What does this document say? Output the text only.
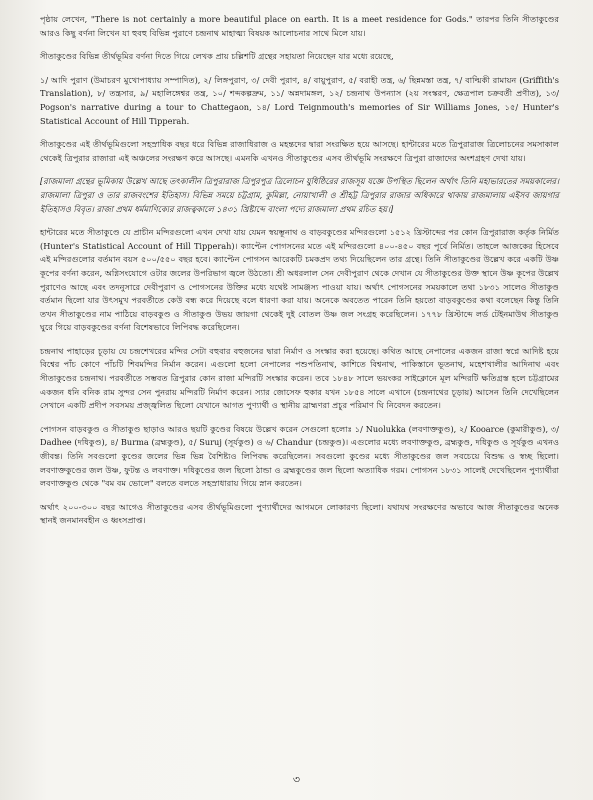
পৃষ্ঠায় লেখেন, "There is not certainly a more beautiful place on earth. It is a meet residence for Gods." তারপর তিনি সীতাকুণ্ডের আরও কিছু বর্ণনা লিখেন যা হুবহু বিভিন্ন পুরাণে চন্দ্রনাথ মাহাত্ম্য বিষয়ক আলোচনার সাথে মিলে যায়।

সীতাকুণ্ডের বিভিন্ন তীর্থভূমির বর্ণনা দিতে গিয়ে লেখক প্রায় চল্লিশটি গ্রন্থের সহায়তা নিয়েছেন যার মধ্যে রয়েছে,

১/ আদি পুরাণ (উমাচরণ মুখোপাধ্যায় সম্পাদিত), ২/ লিঙ্গপুরাণ, ৩/ দেবী পুরাণ, ৪/ বায়ুপুরাণ, ৫/ বরাহী তন্ত্র, ৬/ ছিন্নমস্তা তন্ত্র, ৭/ বাল্মিকী রামায়ন (Griffith's Translation), ৮/ তন্ত্রসার, ৯/ মহালিঙ্গেশ্বর তন্ত্র, ১০/ শব্দকল্পদ্রুম, ১১/ অন্নদামঙ্গল, ১২/ চন্দ্রনাথ উপন্যাস (২য় সংস্করণ, ক্ষেত্রপাল চক্রবর্তী প্রণীত), ১৩/ Pogson's narrative during a tour to Chattegaon, ১৪/ Lord Teignmouth's memories of Sir Williams Jones, ১৫/ Hunter's Statistical Account of Hill Tipperah.

সীতাকুণ্ডের এই তীর্থভূমিগুলো সহস্রাধিক বছর ধরে বিভিন্ন রাজাধিরাজ ও মহন্তদের দ্বারা সংরক্ষিত হয়ে আসছে। হান্টারের মতে ত্রিপুরারাজ ত্রিলোচনের সমসাকাল থেকেই ত্রিপুরার রাজারা এই অঞ্চলের সংরক্ষণ করে আসছে। এমনকি এখনও সীতাকুণ্ডের এসব তীর্থভূমি সংরক্ষণে ত্রিপুরা রাজাদের অংশগ্রহণ দেখা যায়।

[রাজমালা গ্রন্থের ভূমিকায় উল্লেখ আছে তৎকালীন ত্রিপুরারাজ ত্রিপুরপুত্র ত্রিলোচন যুধিষ্ঠিরের রাজসূয় যজ্ঞে উপস্থিত ছিলেন অর্থাৎ তিনি মহাভারতের সময়কালের। রাজমালা ত্রিপুরা ও তার রাজবংশের ইতিহাস। বিভিন্ন সময়ে চট্টগ্রাম, কুমিল্লা, নোয়াখালী ও শ্রীহট্ট ত্রিপুরার রাজার অধিকারে থাকায় রাজমালায় এইসব জায়গার ইতিহাসও বিবৃত। রাজা প্রথম ধর্মমাণিক্যের রাজত্বকালে ১৪৩১ খ্রিষ্টাব্দে বাংলা পদ্যে রাজমালা প্রথম রচিত হয়।]

হান্টারের মতে সীতাকুণ্ডে যে প্রাচীন মন্দিরগুলো এখন দেখা যায় যেমন স্বয়ম্ভূনাথ ও বাড়বকুণ্ডের মন্দিরগুলো ১৫১২ খ্রিস্টাব্দের পর কোন ত্রিপুরারাজ কর্তৃক নির্মিত (Hunter's Statistical Account of Hill Tipperah)। ক্যাপ্টেন পোগসনের মতে এই মন্দিরগুলো ৪০০-৪৫০ বছর পূর্বে নির্মিত। তাহলে আজকের হিসেবে এই মন্দিরগুলোর বর্তমান বয়স ৫০০/৫৫০ বছর হবে। ক্যাপ্টেন পোগসন আরেকটি চমকপ্রদ তথ্য দিয়েছিলেন তার গ্রন্থে। তিনি সীতাকুণ্ডের উল্লেখ করে একটি উষ্ণ কূপের বর্ণনা করেন, অগ্নিসংযোগে ওটার জলের উপরিভাগ জ্বলে উঠতো। শ্রী অধরলাল সেন দেবীপুরাণ থেকে দেখান যে সীতাকুণ্ডের উক্ত স্থানে উষ্ণ কূপের উল্লেখ পুরাণেও আছে এবং তদনুসারে দেবীপুরাণ ও পোগসনের উক্তির মধ্যে যথেষ্ট সামঞ্জস্য পাওয়া যায়। অর্থাৎ পোগসনের সময়কালে তথা ১৮৩১ সালেও সীতাকুণ্ড বর্তমান ছিলো যার উৎসমুখ পরবর্তীতে কেউ বন্ধ করে দিয়েছে বলে ধারণা করা যায়। অনেকে অবতেত পারেন তিনি হয়তো বাড়বকুণ্ডের কথা বলেছেন কিন্তু তিনি তখন সীতাকুণ্ডের নাম পাঠিয়ে বাড়বকুণ্ড ও সীতাকুণ্ড উভয় জায়গা থেকেই দুই বোতল উষ্ণ জল সংগ্রহ করেছিলেন। ১৭৭৮ খ্রিস্টাব্দে লর্ড টেইনমাউথ সীতাকুণ্ড ঘুরে গিয়ে বাড়বকুণ্ডের বর্ণনা বিশেষভাবে লিপিবদ্ধ করেছিলেন।

চন্দ্রনাথ পাহাড়ের চূড়ায় যে চন্দ্রশেখরের মন্দির সেটা বহুবার বহুজনের দ্বারা নির্মাণ ও সংস্কার করা হয়েছে। কথিত আছে নেপালের একজন রাজা স্বপ্নে আদিষ্ট হয়ে বিশ্বের পাঁচ কোণে পাঁচটি শিবমন্দির নির্মান করেন। এগুলো হলো নেপালের পশুপতিনাথ, কাশিতে বিশ্বনাথ, পাকিস্তানে ভূতনাথ, মহেশখালীর আদিনাথ এবং সীতাকুণ্ডের চন্দ্রনাথ। পরবর্তীতে সম্ভবত ত্রিপুরার কোন রাজা মন্দিরটি সংস্কার করেন। তবে ১৮৪৮ সালে ভয়ংকর সাইক্লোনে মূল মন্দিরটি ক্ষতিগ্রস্ত হলে চট্টগ্রামের একজন ধনি বনিক রাম সুন্দর সেন পুনরায় মন্দিরটি নির্মাণ করেন। স্যার জোসেফ হুকার যখন ১৮৫৪ সালে এখানে (চন্দ্রনাথের চূড়ায়) আসেন তিনি দেখেছিলেন সেখানে একটি প্রদীপ সবসময় প্রজ্জ্বলিত ছিলো যেখানে আগত পুণ্যার্থী ও স্থানীয় ব্রাহ্মণরা প্রচুর পরিমাণ ঘি নিবেদন করতেন।

পোগসন বাড়বকুণ্ড ও সীতাকুণ্ড ছাড়াও আরও ছয়টি কুণ্ডের বিষয়ে উল্লেখ করেন সেগুলো হলোঃ ১/ Nuolukka (লবণাক্তকুণ্ড), ২/ Kooarce (কুমারীকুণ্ড), ৩/ Dadhee (দধিকুণ্ড), ৪/ Burma (ব্রহ্মকুণ্ড), ৫/ Suruj (সূর্যকুণ্ড) ও ৬/ Chandur (চন্দ্রকুণ্ড)। এগুলোর মধ্যে লবণাক্তকুণ্ড, ব্রহ্মকুণ্ড, দধিকুণ্ড ও সূর্যকুণ্ড এখনও জীবন্ত। তিনি সবগুলো কুণ্ডের জলের ভিন্ন ভিন্ন বৈশিষ্ট্যও লিপিবদ্ধ করেছিলেন। সবগুলো কুণ্ডের মধ্যে সীতাকুণ্ডের জল সবচেয়ে বিশুদ্ধ ও স্বচ্ছ ছিলো। লবণাক্তকুণ্ডের জল উষ্ণ, ফুটন্ত ও লবণাক্ত। দধিকুণ্ডের জল ছিলো ঠান্ডা ও ব্রহ্মকুণ্ডের জল ছিলো অত্যাধিক গরম। পোগসন ১৮৩১ সালেই দেখেছিলেন পুণ্যার্থীরা লবণাক্তকুণ্ড থেকে "বম বম ভোলে" বলতে বলতে সহস্রাধারায় গিয়ে স্নান করতেন।

অর্থাৎ ২০০-৩০০ বছর আগেও সীতাকুণ্ডের এসব তীর্থভূমিগুলো পুণ্যার্থীদের আগমনে লোকারণ্য ছিলো। যথাযথ সংরক্ষণের অভাবে আজ সীতাকুণ্ডের অনেক স্থানই জনমানবহীন ও ধ্বংসপ্রাপ্ত।

৩
